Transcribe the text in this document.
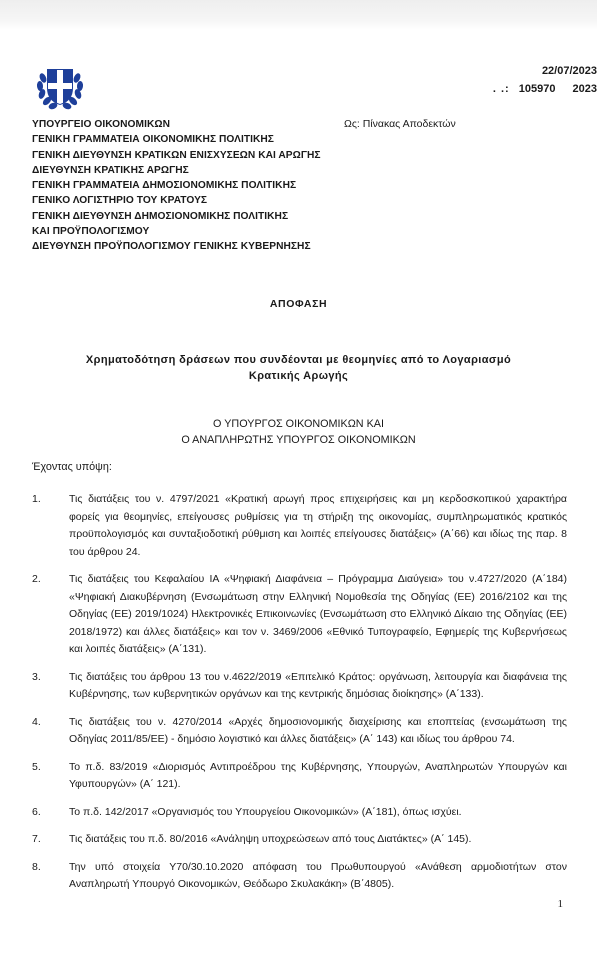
22/07/2023
. .: 105970 2023
ΥΠΟΥΡΓΕΙΟ ΟΙΚΟΝΟΜΙΚΩΝ
ΓΕΝΙΚΗ ΓΡΑΜΜΑΤΕΙΑ ΟΙΚΟΝΟΜΙΚΗΣ ΠΟΛΙΤΙΚΗΣ
ΓΕΝΙΚΗ ΔΙΕΥΘΥΝΣΗ ΚΡΑΤΙΚΩΝ ΕΝΙΣΧΥΣΕΩΝ ΚΑΙ ΑΡΩΓΗΣ
ΔΙΕΥΘΥΝΣΗ ΚΡΑΤΙΚΗΣ ΑΡΩΓΗΣ
ΓΕΝΙΚΗ ΓΡΑΜΜΑΤΕΙΑ ΔΗΜΟΣΙΟΝΟΜΙΚΗΣ ΠΟΛΙΤΙΚΗΣ
ΓΕΝΙΚΟ ΛΟΓΙΣΤΗΡΙΟ ΤΟΥ ΚΡΑΤΟΥΣ
ΓΕΝΙΚΗ ΔΙΕΥΘΥΝΣΗ ΔΗΜΟΣΙΟΝΟΜΙΚΗΣ ΠΟΛΙΤΙΚΗΣ
ΚΑΙ ΠΡΟΫΠΟΛΟΓΙΣΜΟΥ
ΔΙΕΥΘΥΝΣΗ ΠΡΟΫΠΟΛΟΓΙΣΜΟΥ ΓΕΝΙΚΗΣ ΚΥΒΕΡΝΗΣΗΣ
Ως: Πίνακας Αποδεκτών
ΑΠΟΦΑΣΗ
Χρηματοδότηση δράσεων που συνδέονται με θεομηνίες από το Λογαριασμό
Κρατικής Αρωγής
Ο ΥΠΟΥΡΓΟΣ ΟΙΚΟΝΟΜΙΚΩΝ ΚΑΙ
Ο ΑΝΑΠΛΗΡΩΤΗΣ ΥΠΟΥΡΓΟΣ ΟΙΚΟΝΟΜΙΚΩΝ
Έχοντας υπόψη:
1.	Τις διατάξεις του ν. 4797/2021 «Κρατική αρωγή προς επιχειρήσεις και μη κερδοσκοπικού χαρακτήρα φορείς για θεομηνίες, επείγουσες ρυθμίσεις για τη στήριξη της οικονομίας, συμπληρωματικός κρατικός προϋπολογισμός και συνταξιοδοτική ρύθμιση και λοιπές επείγουσες διατάξεις» (Α΄66) και ιδίως της παρ. 8 του άρθρου 24.
2.	Τις διατάξεις του Κεφαλαίου ΙΑ «Ψηφιακή Διαφάνεια – Πρόγραμμα Διαύγεια» του ν.4727/2020 (Α΄184) «Ψηφιακή Διακυβέρνηση (Ενσωμάτωση στην Ελληνική Νομοθεσία της Οδηγίας (ΕΕ) 2016/2102 και της Οδηγίας (ΕΕ) 2019/1024) Ηλεκτρονικές Επικοινωνίες (Ενσωμάτωση στο Ελληνικό Δίκαιο της Οδηγίας (ΕΕ) 2018/1972) και άλλες διατάξεις» και τον ν. 3469/2006 «Εθνικό Τυπογραφείο, Εφημερίς της Κυβερνήσεως και λοιπές διατάξεις» (Α΄131).
3.	Τις διατάξεις του άρθρου 13 του ν.4622/2019 «Επιτελικό Κράτος: οργάνωση, λειτουργία και διαφάνεια της Κυβέρνησης, των κυβερνητικών οργάνων και της κεντρικής δημόσιας διοίκησης» (Α΄133).
4.	Τις διατάξεις του ν. 4270/2014 «Αρχές δημοσιονομικής διαχείρισης και εποπτείας (ενσωμάτωση της Οδηγίας 2011/85/ΕΕ) - δημόσιο λογιστικό και άλλες διατάξεις» (Α΄ 143) και ιδίως του άρθρου 74.
5.	Το π.δ. 83/2019 «Διορισμός Αντιπροέδρου της Κυβέρνησης, Υπουργών, Αναπληρωτών Υπουργών και Υφυπουργών» (Α΄ 121).
6.	Το π.δ. 142/2017 «Οργανισμός του Υπουργείου Οικονομικών» (Α΄181), όπως ισχύει.
7.	Τις διατάξεις του π.δ. 80/2016 «Ανάληψη υποχρεώσεων από τους Διατάκτες» (Α΄ 145).
8.	Την υπό στοιχεία Υ70/30.10.2020 απόφαση του Πρωθυπουργού «Ανάθεση αρμοδιοτήτων στον Αναπληρωτή Υπουργό Οικονομικών, Θεόδωρο Σκυλακάκη» (Β΄4805).
1
